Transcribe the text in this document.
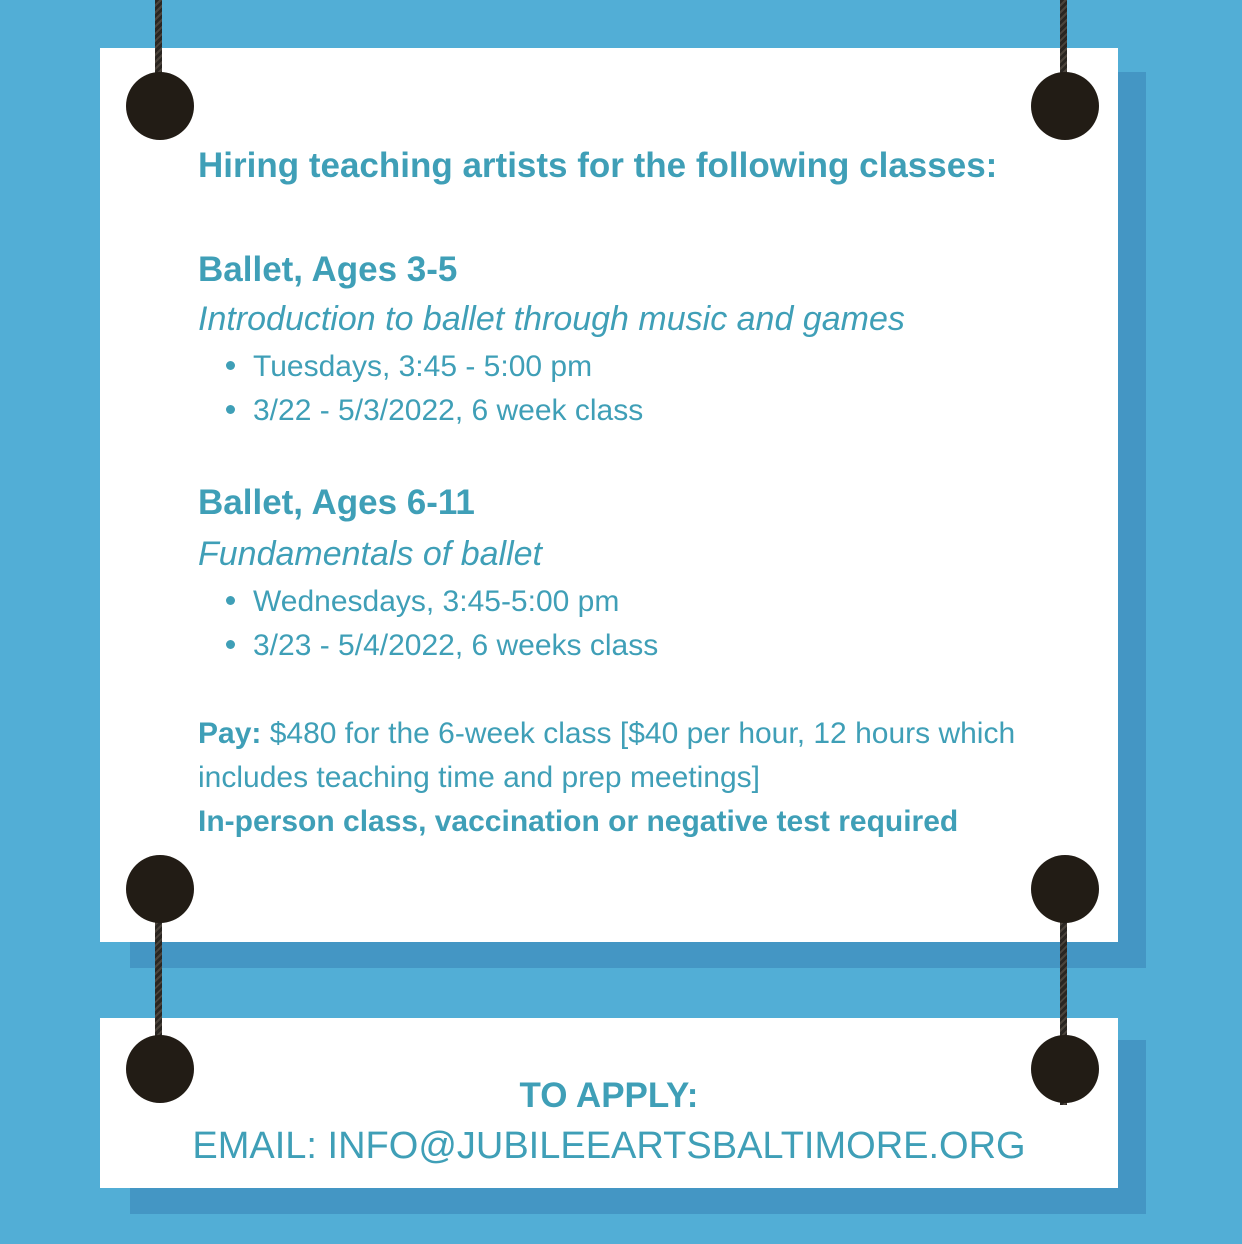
Hiring teaching artists for the following classes:
Ballet, Ages 3-5
Introduction to ballet through music and games
Tuesdays, 3:45 - 5:00 pm
3/22 - 5/3/2022, 6 week class
Ballet, Ages 6-11
Fundamentals of ballet
Wednesdays, 3:45-5:00 pm
3/23 - 5/4/2022, 6 weeks class
Pay: $480 for the 6-week class [$40 per hour, 12 hours which includes teaching time and prep meetings]
In-person class, vaccination or negative test required
TO APPLY:
EMAIL: INFO@JUBILEEARTSBALTIMORE.ORG
